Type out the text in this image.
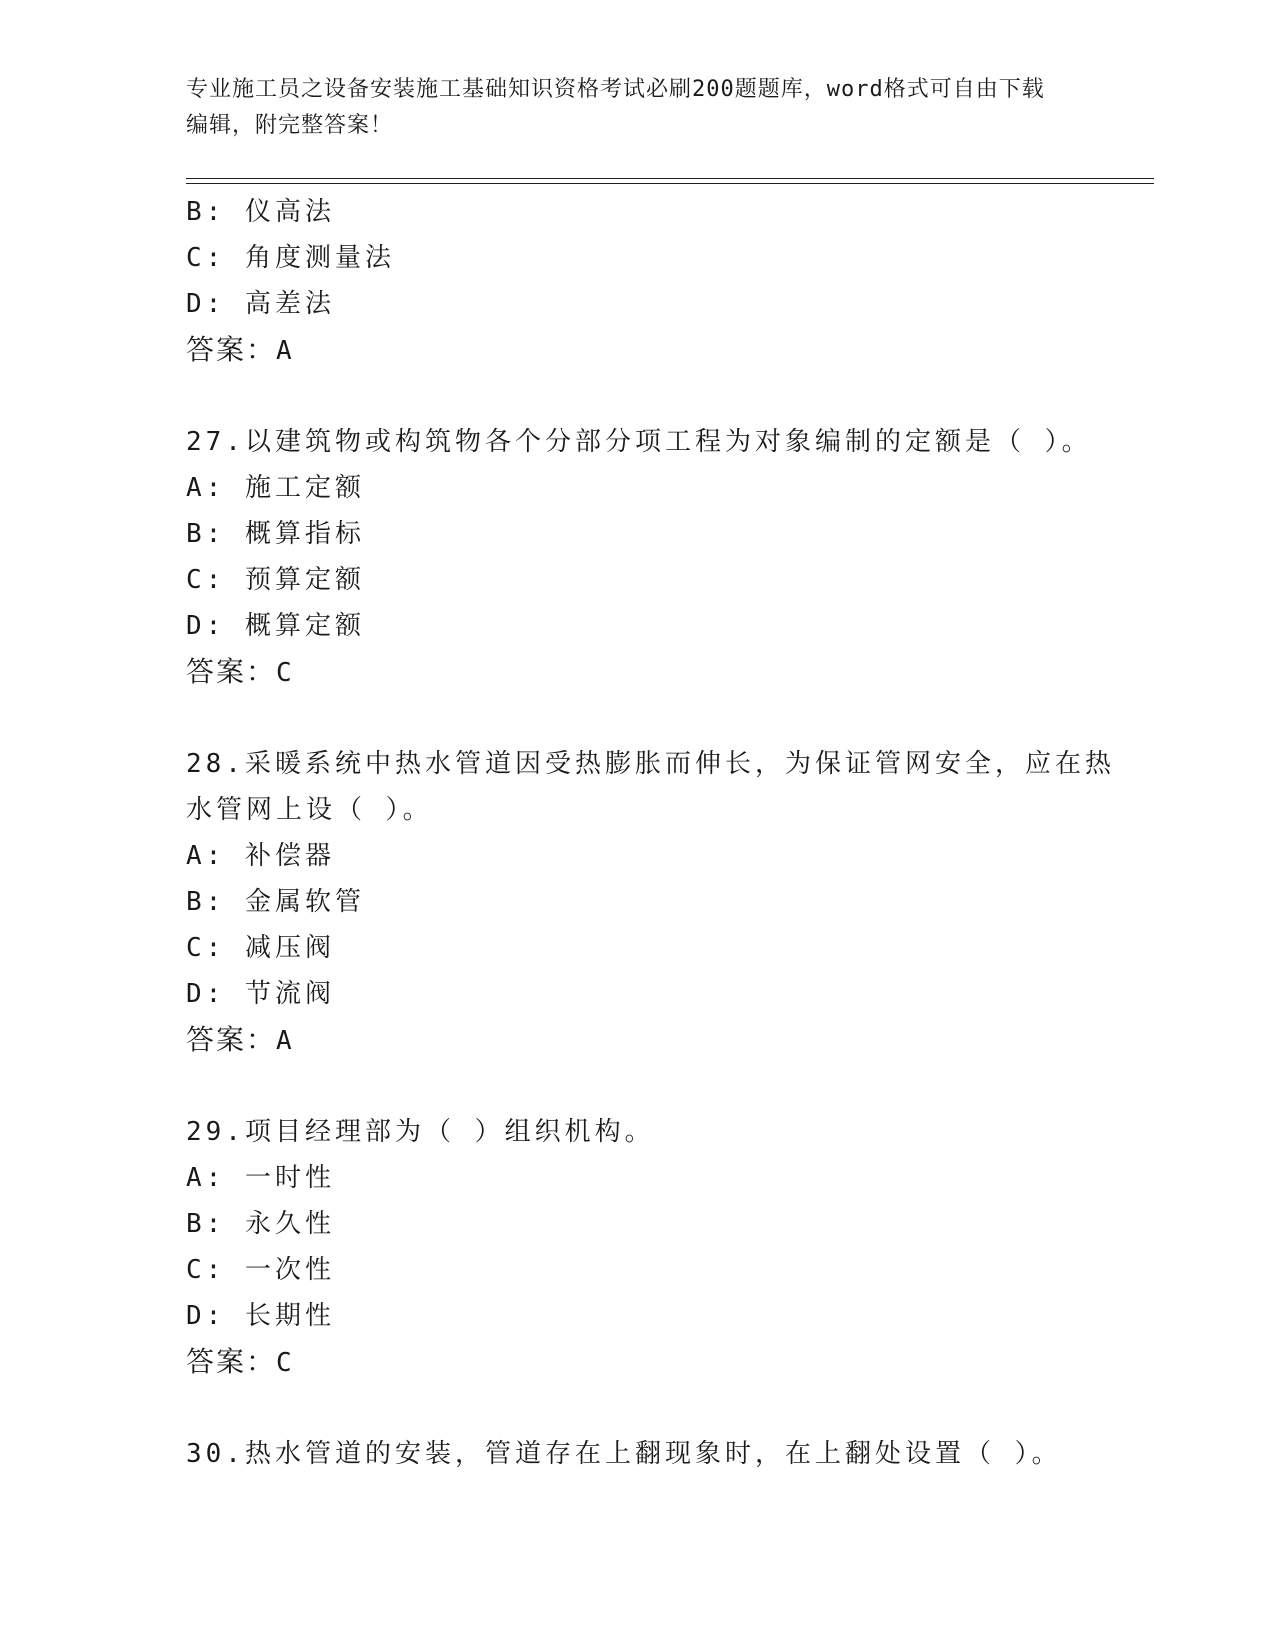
专业施工员之设备安装施工基础知识资格考试必刷200题题库，word格式可自由下载编辑，附完整答案！
B: 仪高法
C: 角度测量法
D: 高差法
答案：A
27.以建筑物或构筑物各个分部分项工程为对象编制的定额是（ ）。
A: 施工定额
B: 概算指标
C: 预算定额
D: 概算定额
答案：C
28.采暖系统中热水管道因受热膨胀而伸长，为保证管网安全，应在热
水管网上设（ ）。
A: 补偿器
B: 金属软管
C: 减压阀
D: 节流阀
答案：A
29.项目经理部为（ ）组织机构。
A: 一时性
B: 永久性
C: 一次性
D: 长期性
答案：C
30.热水管道的安装，管道存在上翻现象时，在上翻处设置（ ）。
